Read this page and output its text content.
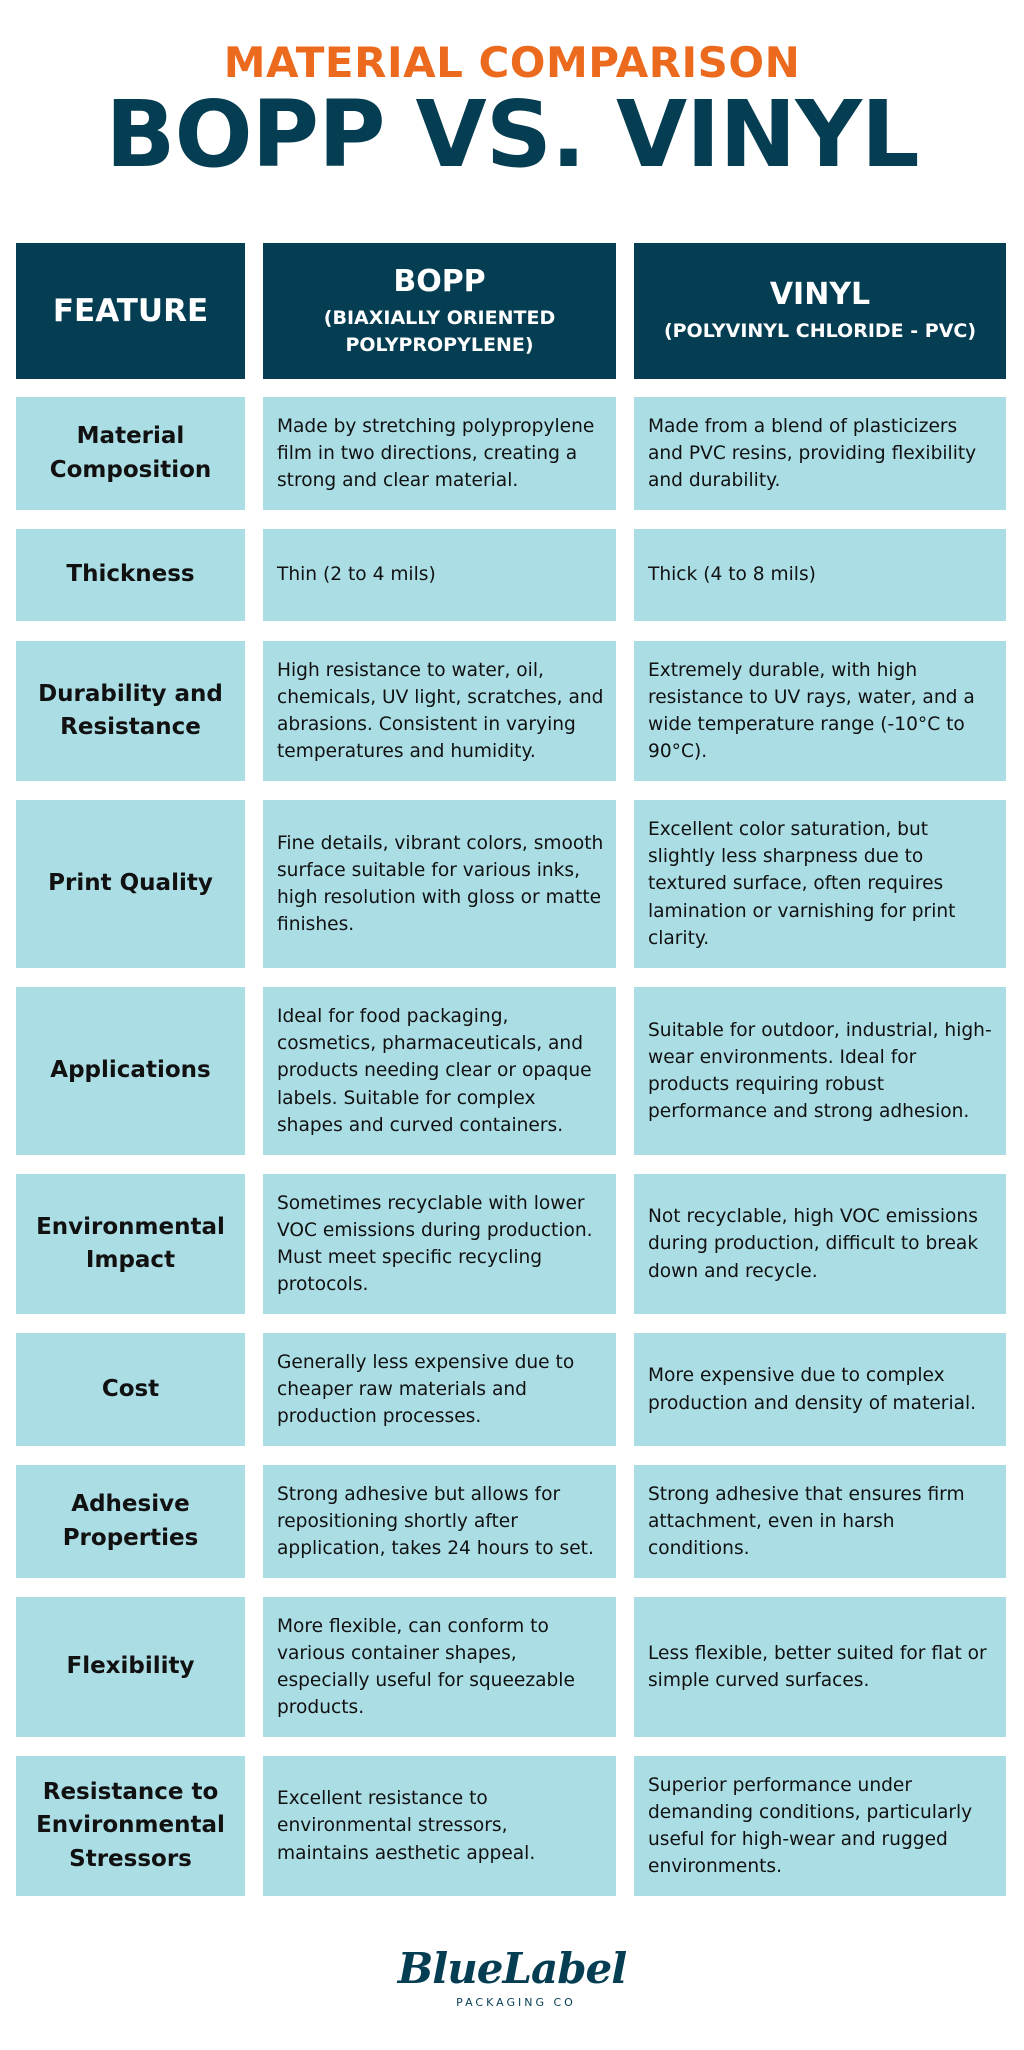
MATERIAL COMPARISON
BOPP VS. VINYL
FEATURE
BOPP
(BIAXIALLY ORIENTED POLYPROPYLENE)
VINYL
(POLYVINYL CHLORIDE - PVC)
Material Composition
Made by stretching polypropylene film in two directions, creating a strong and clear material.
Made from a blend of plasticizers and PVC resins, providing flexibility and durability.
Thickness	Thin (2 to 4 mils)	Thick (4 to 8 mils)
Durability and Resistance
High resistance to water, oil, chemicals, UV light, scratches, and abrasions. Consistent in varying temperatures and humidity.
Extremely durable, with high resistance to UV rays, water, and a wide temperature range (-10°C to 90°C).
Print Quality
Fine details, vibrant colors, smooth surface suitable for various inks, high resolution with gloss or matte finishes.
Excellent color saturation, but slightly less sharpness due to textured surface, often requires lamination or varnishing for print clarity.
Applications
Ideal for food packaging, cosmetics, pharmaceuticals, and products needing clear or opaque labels. Suitable for complex shapes and curved containers.
Suitable for outdoor, industrial, high-wear environments. Ideal for products requiring robust performance and strong adhesion.
Environmental Impact
Sometimes recyclable with lower VOC emissions during production. Must meet specific recycling protocols.
Not recyclable, high VOC emissions during production, difficult to break down and recycle.
Cost
Generally less expensive due to cheaper raw materials and production processes.
More expensive due to complex production and density of material.
Adhesive Properties
Strong adhesive but allows for repositioning shortly after application, takes 24 hours to set.
Strong adhesive that ensures firm attachment, even in harsh conditions.
Flexibility
More flexible, can conform to various container shapes, especially useful for squeezable products.
Less flexible, better suited for flat or simple curved surfaces.
Resistance to Environmental Stressors
Excellent resistance to environmental stressors, maintains aesthetic appeal.
Superior performance under demanding conditions, particularly useful for high-wear and rugged environments.
BlueLabel
PACKAGING CO
